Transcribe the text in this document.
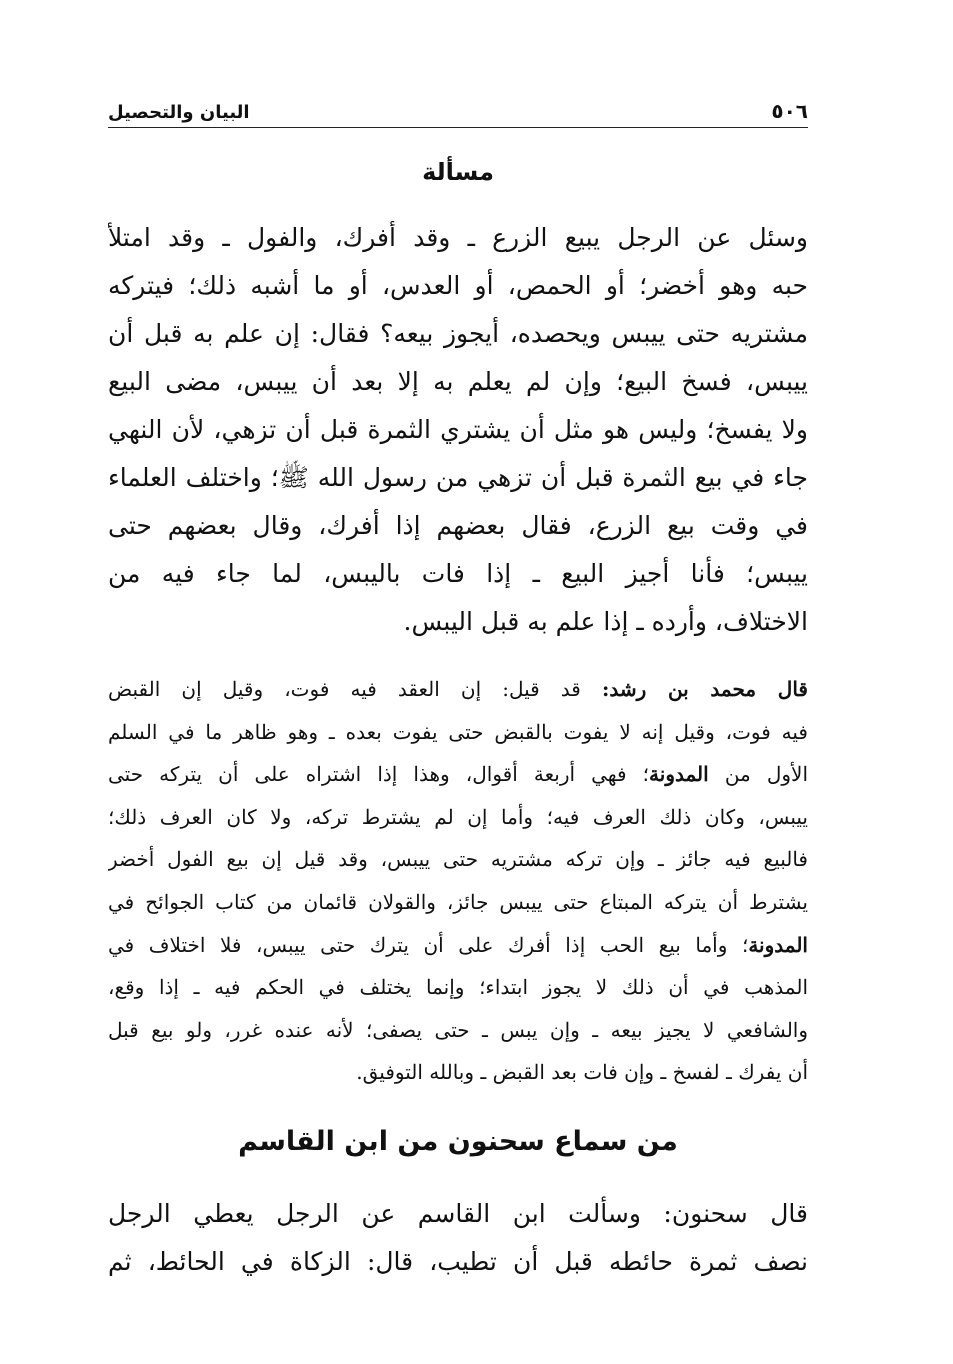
٥٠٦
البيان والتحصيل
مسألة
وسئل عن الرجل يبيع الزرع ـ وقد أفرك، والفول ـ وقد امتلأ
حبه وهو أخضر؛ أو الحمص، أو العدس، أو ما أشبه ذلك؛ فيتركه
مشتريه حتى ييبس ويحصده، أيجوز بيعه؟ فقال: إن علم به قبل أن
ييبس، فسخ البيع؛ وإن لم يعلم به إلا بعد أن ييبس، مضى البيع
ولا يفسخ؛ وليس هو مثل أن يشتري الثمرة قبل أن تزهي، لأن النهي
جاء في بيع الثمرة قبل أن تزهي من رسول الله ﷺ؛ واختلف العلماء
في وقت بيع الزرع، فقال بعضهم إذا أفرك، وقال بعضهم حتى
ييبس؛ فأنا أجيز البيع ـ إذا فات باليبس، لما جاء فيه من
الاختلاف، وأرده ـ إذا علم به قبل اليبس.
قال محمد بن رشد: قد قيل: إن العقد فيه فوت، وقيل إن القبض
فيه فوت، وقيل إنه لا يفوت بالقبض حتى يفوت بعده ـ وهو ظاهر ما في السلم
الأول من المدونة؛ فهي أربعة أقوال، وهذا إذا اشتراه على أن يتركه حتى
ييبس، وكان ذلك العرف فيه؛ وأما إن لم يشترط تركه، ولا كان العرف ذلك؛
فالبيع فيه جائز ـ وإن تركه مشتريه حتى ييبس، وقد قيل إن بيع الفول أخضر
يشترط أن يتركه المبتاع حتى ييبس جائز، والقولان قائمان من كتاب الجوائح في
المدونة؛ وأما بيع الحب إذا أفرك على أن يترك حتى ييبس، فلا اختلاف في
المذهب في أن ذلك لا يجوز ابتداء؛ وإنما يختلف في الحكم فيه ـ إذا وقع،
والشافعي لا يجيز بيعه ـ وإن يبس ـ حتى يصفى؛ لأنه عنده غرر، ولو بيع قبل
أن يفرك ـ لفسخ ـ وإن فات بعد القبض ـ وبالله التوفيق.
من سماع سحنون من ابن القاسم
قال سحنون: وسألت ابن القاسم عن الرجل يعطي الرجل
نصف ثمرة حائطه قبل أن تطيب، قال: الزكاة في الحائط، ثم
